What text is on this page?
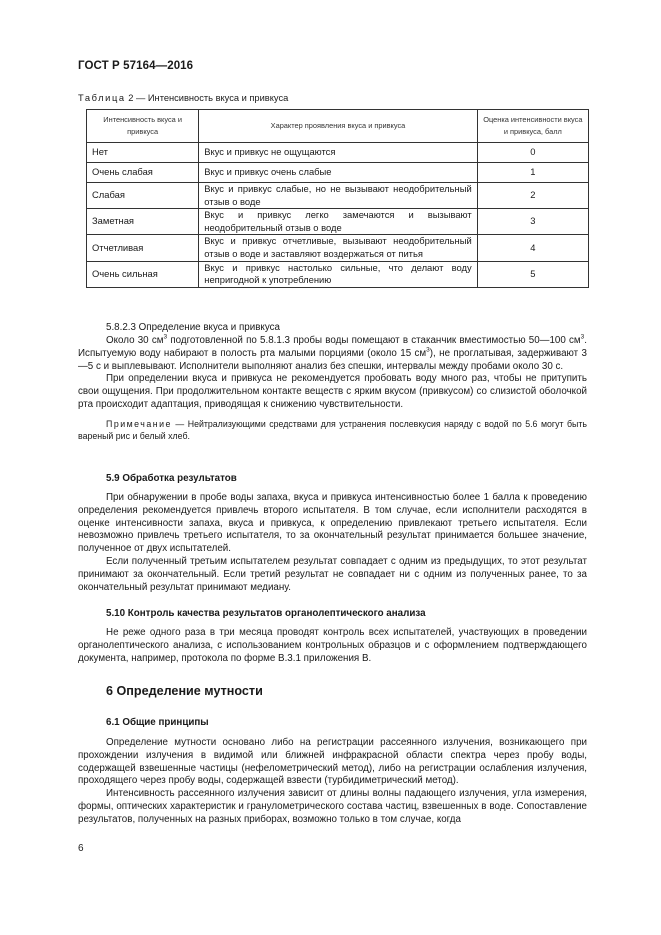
ГОСТ Р 57164—2016
Таблица 2 — Интенсивность вкуса и привкуса
Интенсивность вкуса и привкуса	Характер проявления вкуса и привкуса	Оценка интенсивности вкуса и привкуса, балл
Нет	Вкус и привкус не ощущаются	0
Очень слабая	Вкус и привкус очень слабые	1
Слабая	Вкус и привкус слабые, но не вызывают неодобрительный отзыв о воде	2
Заметная	Вкус и привкус легко замечаются и вызывают неодобрительный отзыв о воде	3
Отчетливая	Вкус и привкус отчетливые, вызывают неодобрительный отзыв о воде и заставляют воздержаться от питья	4
Очень сильная	Вкус и привкус настолько сильные, что делают воду непригодной к употреблению	5
5.8.2.3 Определение вкуса и привкуса

Около 30 $см^3$ подготовленной по 5.8.1.3 пробы воды помещают в стаканчик вместимостью 50—100 $см^3$. Испытуемую воду набирают в полость рта малыми порциями (около 15 $см^3$), не проглатывая, задерживают 3—5 с и выплевывают. Исполнители выполняют анализ без спешки, интервалы между пробами около 30 с.

При определении вкуса и привкуса не рекомендуется пробовать воду много раз, чтобы не притупить свои ощущения. При продолжительном контакте веществ с ярким вкусом (привкусом) со слизистой оболочкой рта происходит адаптация, приводящая к снижению чувствительности.

Примечание — Нейтрализующими средствами для устранения послевкусия наряду с водой по 5.6 могут быть вареный рис и белый хлеб.

5.9 Обработка результатов

При обнаружении в пробе воды запаха, вкуса и привкуса интенсивностью более 1 балла к проведению определения рекомендуется привлечь второго испытателя. В том случае, если исполнители расходятся в оценке интенсивности запаха, вкуса и привкуса, к определению привлекают третьего испытателя. Если невозможно привлечь третьего испытателя, то за окончательный результат принимается большее значение, полученное от двух испытателей.

Если полученный третьим испытателем результат совпадает с одним из предыдущих, то этот результат принимают за окончательный. Если третий результат не совпадает ни с одним из полученных ранее, то за окончательный результат принимают медиану.

5.10 Контроль качества результатов органолептического анализа

Не реже одного раза в три месяца проводят контроль всех испытателей, участвующих в проведении органолептического анализа, с использованием контрольных образцов и с оформлением подтверждающего документа, например, протокола по форме В.3.1 приложения В.

6 Определение мутности
6.1 Общие принципы

Определение мутности основано либо на регистрации рассеянного излучения, возникающего при прохождении излучения в видимой или ближней инфракрасной области спектра через пробу воды, содержащей взвешенные частицы (нефелометрический метод), либо на регистрации ослабления излучения, проходящего через пробу воды, содержащей взвести (турбидиметрический метод).

Интенсивность рассеянного излучения зависит от длины волны падающего излучения, угла измерения, формы, оптических характеристик и гранулометрического состава частиц, взвешенных в воде. Сопоставление результатов, полученных на разных приборах, возможно только в том случае, когда

6
